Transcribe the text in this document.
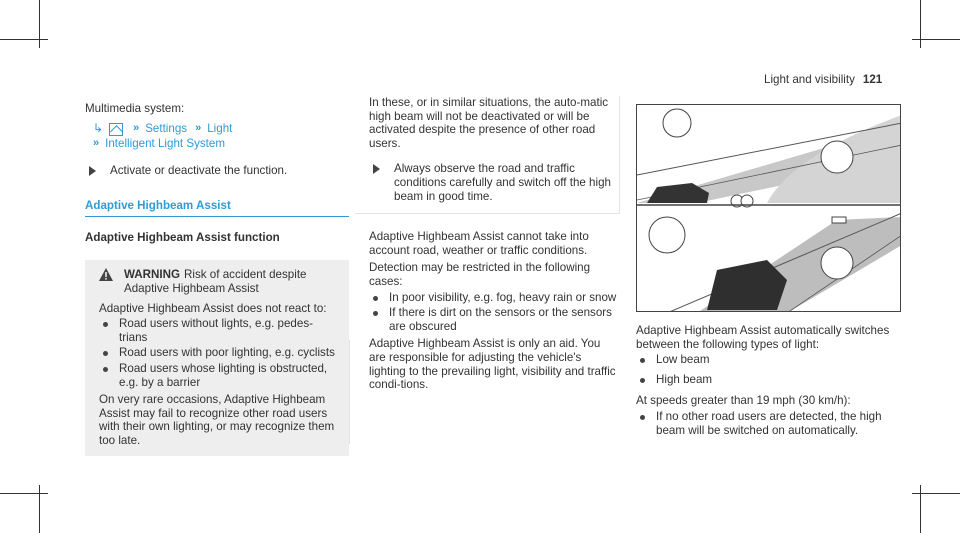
Light and visibility 121

Multimedia system:

↳	» Settings » Light
» Intelligent Light System
Activate or deactivate the function.
Adaptive Highbeam Assist
Adaptive Highbeam Assist function
WARNING Risk of accident despite Adaptive Highbeam Assist

Adaptive Highbeam Assist does not react to:

Road users without lights, e.g. pedes-trians
Road users with poor lighting, e.g. cyclists
Road users whose lighting is obstructed, e.g. by a barrier

On very rare occasions, Adaptive Highbeam Assist may fail to recognize other road users with their own lighting, or may recognize them too late.

In these, or in similar situations, the auto-matic high beam will not be deactivated or will be activated despite the presence of other road users.

Always observe the road and traffic conditions carefully and switch off the high beam in good time.

Adaptive Highbeam Assist cannot take into account road, weather or traffic conditions.

Detection may be restricted in the following cases:

In poor visibility, e.g. fog, heavy rain or snow
If there is dirt on the sensors or the sensors are obscured

Adaptive Highbeam Assist is only an aid. You are responsible for adjusting the vehicle's lighting to the prevailing light, visibility and traffic condi-tions.

Adaptive Highbeam Assist automatically switches between the following types of light:

Low beam
High beam

At speeds greater than 19 mph (30 km/h):

If no other road users are detected, the high beam will be switched on automatically.
